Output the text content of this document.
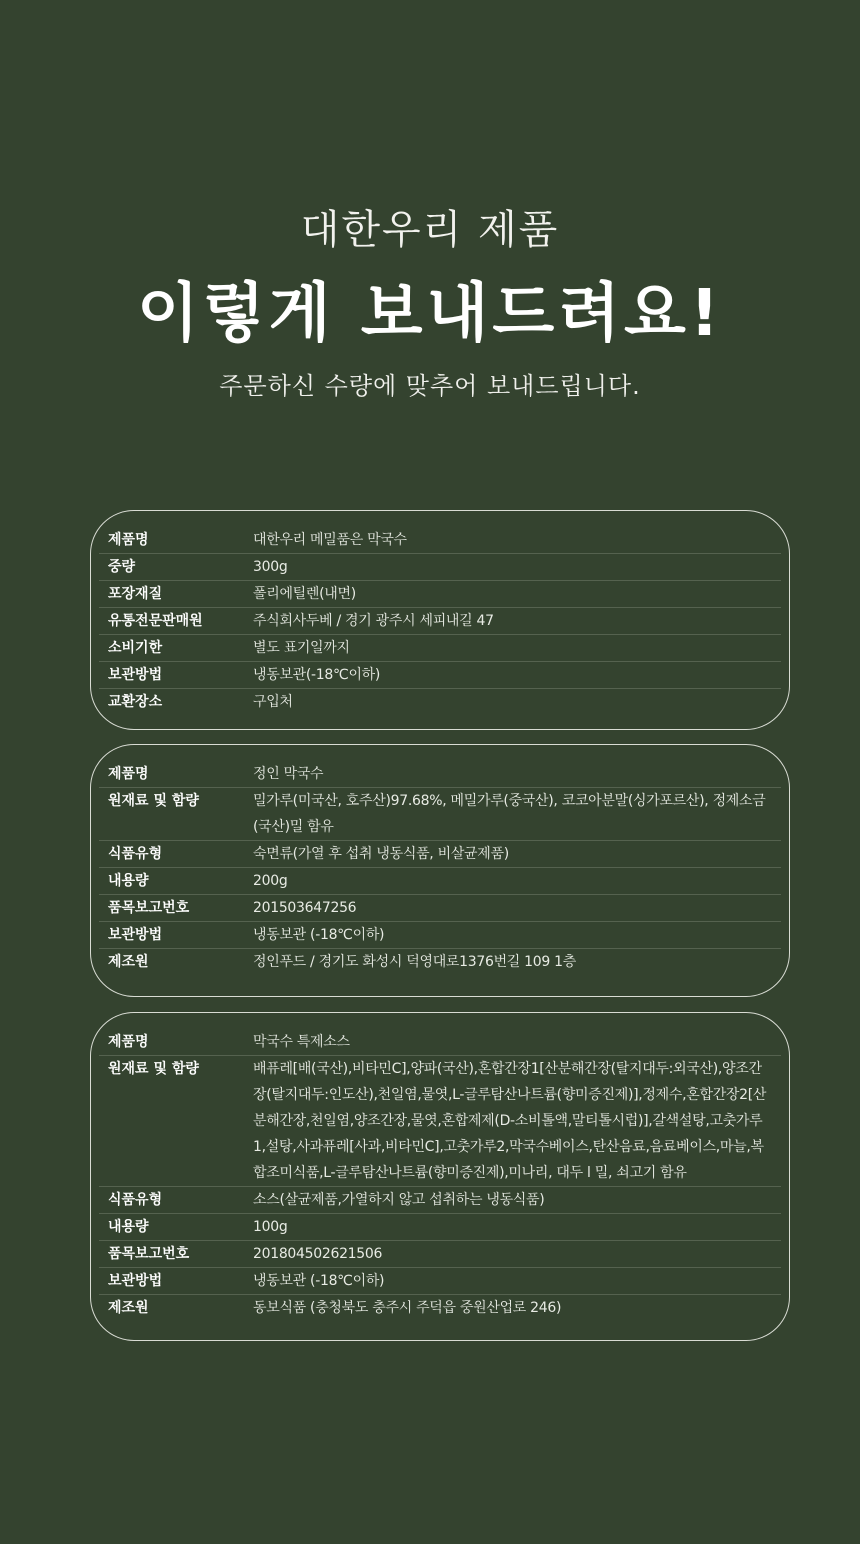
대한우리 제품
이렇게 보내드려요!
주문하신 수량에 맞추어 보내드립니다.
제품명	대한우리 메밀품은 막국수
중량	300g
포장재질	폴리에틸렌(내면)
유통전문판매원	주식회사두베 / 경기 광주시 세피내길 47
소비기한	별도 표기일까지
보관방법	냉동보관(-18℃이하)
교환장소	구입처
제품명	정인 막국수
원재료 및 함량	밀가루(미국산, 호주산)97.68%, 메밀가루(중국산), 코코아분말(싱가포르산), 정제소금(국산)밀 함유
식품유형	숙면류(가열 후 섭취 냉동식품, 비살균제품)
내용량	200g
품목보고번호	201503647256
보관방법	냉동보관 (-18℃이하)
제조원	정인푸드 / 경기도 화성시 덕영대로1376번길 109 1층
제품명	막국수 특제소스
원재료 및 함량	배퓨레[배(국산),비타민C],양파(국산),혼합간장1[산분해간장(탈지대두:외국산),양조간장(탈지대두:인도산),천일염,물엿,L-글루탐산나트륨(향미증진제)],정제수,혼합간장2[산분해간장,천일염,양조간장,물엿,혼합제제(D-소비톨액,말티톨시럽)],갈색설탕,고춧가루1,설탕,사과퓨레[사과,비타민C],고춧가루2,막국수베이스,탄산음료,음료베이스,마늘,복합조미식품,L-글루탐산나트륨(향미증진제),미나리, 대두 l 밀, 쇠고기 함유
식품유형	소스(살균제품,가열하지 않고 섭취하는 냉동식품)
내용량	100g
품목보고번호	201804502621506
보관방법	냉동보관 (-18℃이하)
제조원	동보식품 (충청북도 충주시 주덕읍 중원산업로 246)
